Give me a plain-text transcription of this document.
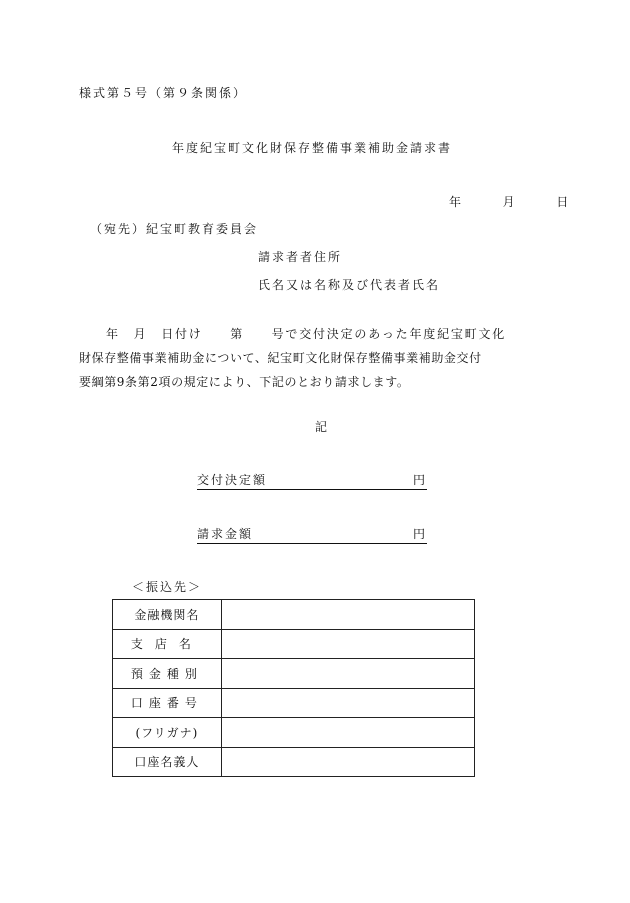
様式第５号（第９条関係）
年度紀宝町文化財保存整備事業補助金請求書
年	月	日
（宛先）紀宝町教育委員会
請求者者住所
氏名又は名称及び代表者氏名

年　月　日付け　　第　　号で交付決定のあった年度紀宝町文化

財保存整備事業補助金について、紀宝町文化財保存整備事業補助金交付

要綱第9条第2項の規定により、下記のとおり請求します。

記
交付決定額	円
請求金額	円
＜振込先＞
金融機関名	
支店名	
預金種別	
口座番号	
(フリガナ)	
口座名義人	
